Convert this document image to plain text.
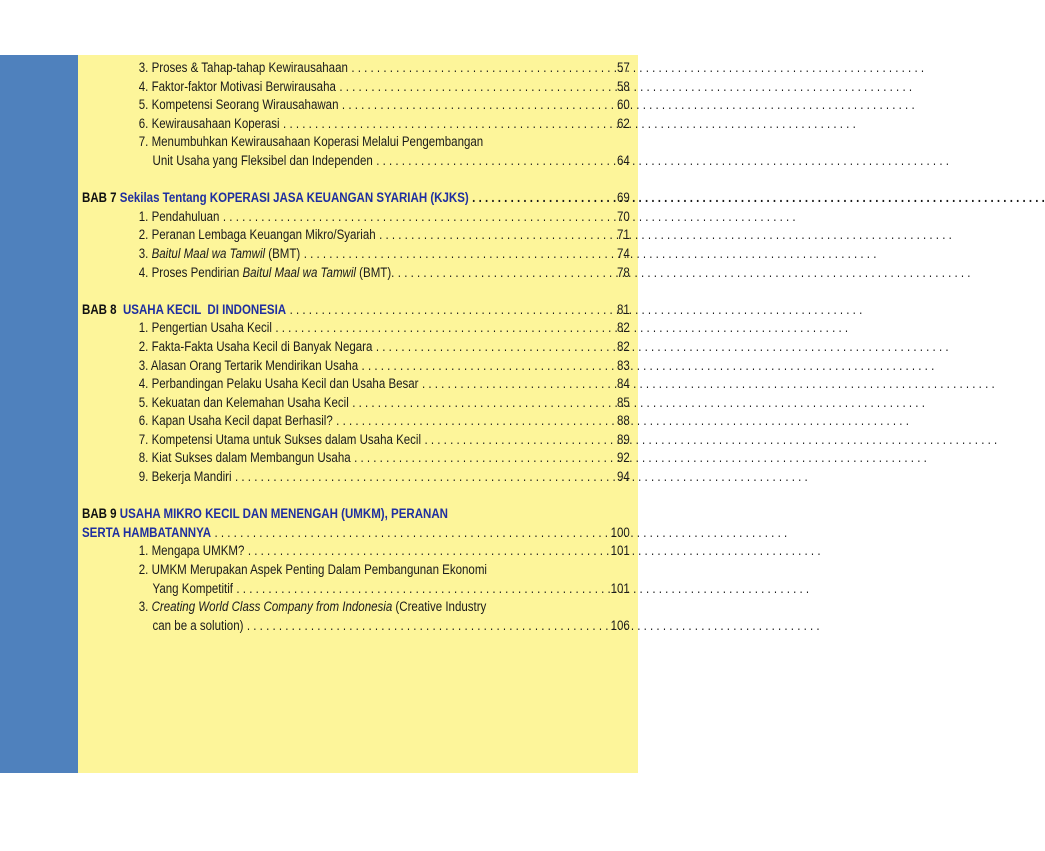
3. Proses & Tahap-tahap Kewirausahaan . . .	57
4. Faktor-faktor Motivasi Berwirausaha . . .	58
5. Kompetensi Seorang Wirausahawan . . .	60
6. Kewirausahaan Koperasi . . .	62
7. Menumbuhkan Kewirausahaan Koperasi Melalui Pengembangan
Unit Usaha yang Fleksibel dan Independen . . .	64
BAB 7 Sekilas Tentang KOPERASI JASA KEUANGAN SYARIAH (KJKS) . . .	69
1. Pendahuluan . . .	70
2. Peranan Lembaga Keuangan Mikro/Syariah . . .	71
3. Baitul Maal wa Tamwil (BMT) . . .	74
4. Proses Pendirian Baitul Maal wa Tamwil (BMT). . . .	78
BAB 8 USAHA KECIL  DI INDONESIA . . .	81
1. Pengertian Usaha Kecil . . .	82
2. Fakta-Fakta Usaha Kecil di Banyak Negara . . .	82
3. Alasan Orang Tertarik Mendirikan Usaha . . .	83
4. Perbandingan Pelaku Usaha Kecil dan Usaha Besar . . .	84
5. Kekuatan dan Kelemahan Usaha Kecil . . .	85
6. Kapan Usaha Kecil dapat Berhasil? . . .	88
7. Kompetensi Utama untuk Sukses dalam Usaha Kecil . . .	89
8. Kiat Sukses dalam Membangun Usaha . . .	92
9. Bekerja Mandiri . . .	94
BAB 9 USAHA MIKRO KECIL DAN MENENGAH (UMKM), PERANAN
SERTA HAMBATANNYA . . .	100
1. Mengapa UMKM? . . .	101
2. UMKM Merupakan Aspek Penting Dalam Pembangunan Ekonomi
Yang Kompetitif . . .	101
3. Creating World Class Company from Indonesia (Creative Industry
can be a solution) . . .	106
